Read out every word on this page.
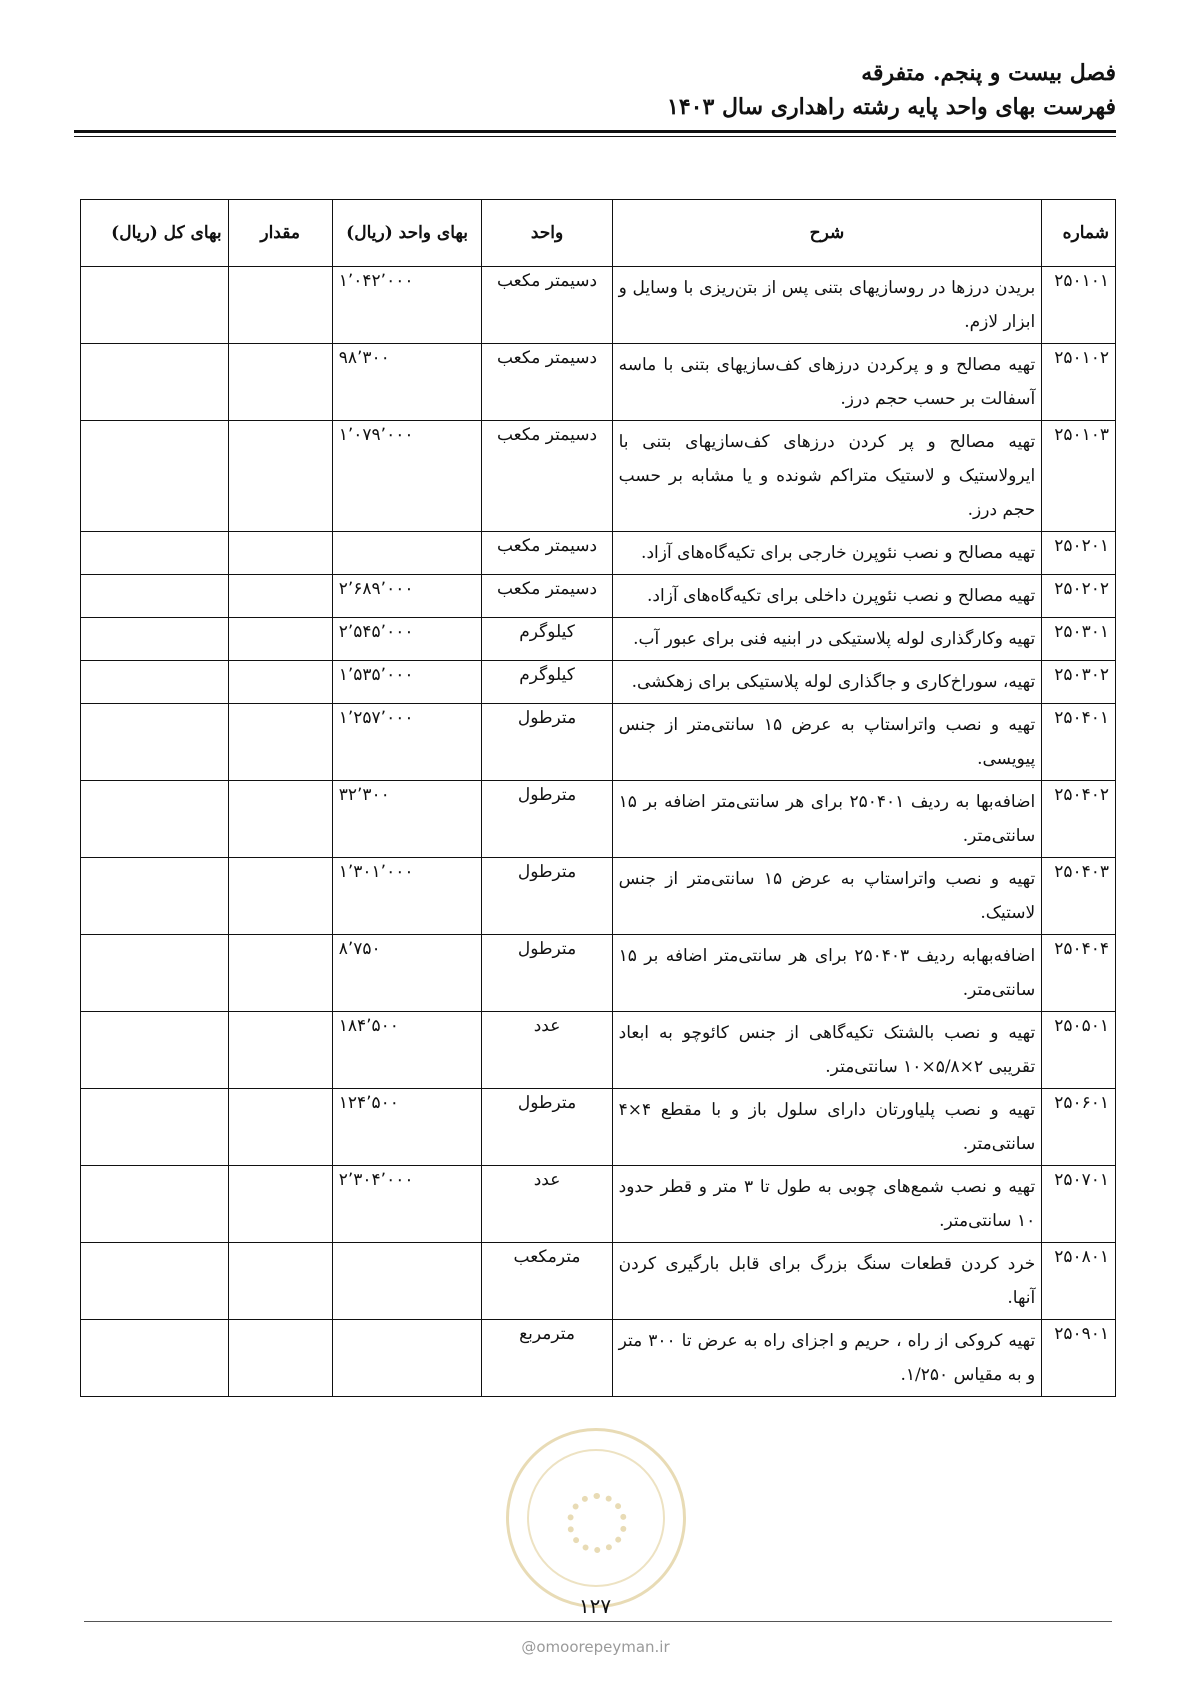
فصل بیست و پنجم. متفرقه
فهرست بهای واحد پایه رشته راهداری سال ۱۴۰۳
شماره	شرح	واحد	بهای واحد (ریال)	مقدار	بهای کل (ریال)
۲۵۰۱۰۱	بریدن درزها در روسازیهای بتنی پس از بتن‌ریزی با وسایل و ابزار لازم.	دسیمتر مکعب	۱٬۰۴۲٬۰۰۰		
۲۵۰۱۰۲	تهیه مصالح و و پرکردن درزهای کف‌سازیهای بتنی با ماسه آسفالت بر حسب حجم درز.	دسیمتر مکعب	۹۸٬۳۰۰		
۲۵۰۱۰۳	تهیه مصالح و پر کردن درزهای کف‌سازیهای بتنی با ایرولاستیک و لاستیک متراکم شونده و یا مشابه بر حسب حجم درز.	دسیمتر مکعب	۱٬۰۷۹٬۰۰۰		
۲۵۰۲۰۱	تهیه مصالح و نصب نئوپرن خارجی برای تکیه‌گاه‌های آزاد.	دسیمتر مکعب			
۲۵۰۲۰۲	تهیه مصالح و نصب نئوپرن داخلی برای تکیه‌گاه‌های آزاد.	دسیمتر مکعب	۲٬۶۸۹٬۰۰۰		
۲۵۰۳۰۱	تهیه وکارگذاری لوله پلاستیکی در ابنیه فنی برای عبور آب.	کیلوگرم	۲٬۵۴۵٬۰۰۰		
۲۵۰۳۰۲	تهیه، سوراخ‌کاری و جاگذاری لوله پلاستیکی برای زهکشی.	کیلوگرم	۱٬۵۳۵٬۰۰۰		
۲۵۰۴۰۱	تهیه و نصب واتراستاپ به عرض ۱۵ سانتی‌متر از جنس پیویسی.	مترطول	۱٬۲۵۷٬۰۰۰		
۲۵۰۴۰۲	اضافه‌بها به ردیف ۲۵۰۴۰۱ برای هر سانتی‌متر اضافه بر ۱۵ سانتی‌متر.	مترطول	۳۲٬۳۰۰		
۲۵۰۴۰۳	تهیه و نصب واتراستاپ به عرض ۱۵ سانتی‌متر از جنس لاستیک.	مترطول	۱٬۳۰۱٬۰۰۰		
۲۵۰۴۰۴	اضافه‌بهابه ردیف ۲۵۰۴۰۳ برای هر سانتی‌متر اضافه بر ۱۵ سانتی‌متر.	مترطول	۸٬۷۵۰		
۲۵۰۵۰۱	تهیه و نصب بالشتک تکیه‌گاهی از جنس کائوچو به ابعاد تقریبی ۲×۵/۸×۱۰ سانتی‌متر.	عدد	۱۸۴٬۵۰۰		
۲۵۰۶۰۱	تهیه و نصب پلیاورتان دارای سلول باز و با مقطع ۴×۴ سانتی‌متر.	مترطول	۱۲۴٬۵۰۰		
۲۵۰۷۰۱	تهیه و نصب شمع‌های چوبی به طول تا ۳ متر و قطر حدود ۱۰ سانتی‌متر.	عدد	۲٬۳۰۴٬۰۰۰		
۲۵۰۸۰۱	خرد کردن قطعات سنگ بزرگ برای قابل بارگیری کردن آنها.	مترمکعب			
۲۵۰۹۰۱	تهیه کروکی از راه ، حریم و اجزای راه به عرض تا ۳۰۰ متر و به مقیاس ۱/۲۵۰.	مترمربع			
۱۲۷
@omoorepeyman.ir
